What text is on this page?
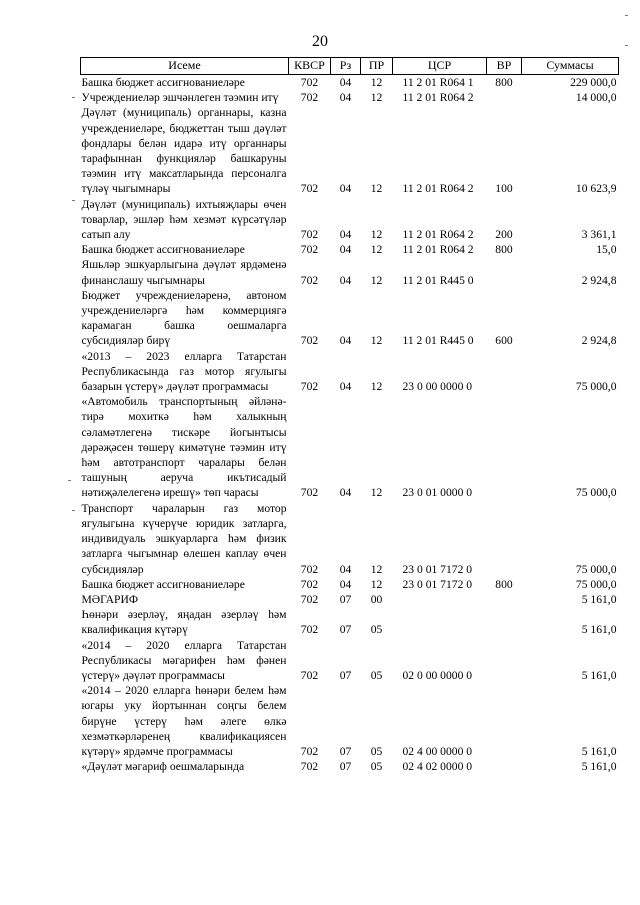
20
Исеме	КВСР	Рз	ПР	ЦСР	ВР	Суммасы
Башка бюджет ассигнованиеләре	702	04	12	11 2 01 R064 1	800	229 000,0
Учреждениеләр эшчәнлеген тәэмин итү	702	04	12	11 2 01 R064 2		14 000,0
Дәүләт (муниципаль) органнары, казна учреждениеләре, бюджеттан тыш дәүләт фондлары белән идарә итү органнары тарафыннан функцияләр башкаруны тәэмин итү максатларында персоналга түләү чыгымнары	702	04	12	11 2 01 R064 2	100	10 623,9
Дәүләт (муниципаль) ихтыяҗлары өчен товарлар, эшләр һәм хезмәт күрсәтүләр сатып алу	702	04	12	11 2 01 R064 2	200	3 361,1
Башка бюджет ассигнованиеләре	702	04	12	11 2 01 R064 2	800	15,0
Яшьләр эшкуарлыгына дәүләт ярдәменә финанслашу чыгымнары	702	04	12	11 2 01 R445 0		2 924,8
Бюджет учреждениеләренә, автоном учреждениеләргә һәм коммерциягә карамаган башка оешмаларга субсидияләр бирү	702	04	12	11 2 01 R445 0	600	2 924,8
«2013 – 2023 елларга Татарстан Республикасында газ мотор ягулыгы базарын үстерү» дәүләт программасы	702	04	12	23 0 00 0000 0		75 000,0
«Автомобиль транспортының әйләнә-тирә мохиткә һәм халыкның сәламәтлегенә тискәре йогынтысы дәрәҗәсен төшерү кимәтүне тәэмин итү һәм автотранспорт чаралары белән ташуның аеруча икътисадый нәтиҗәлелегенә ирешү» төп чарасы	702	04	12	23 0 01 0000 0		75 000,0
Транспорт чараларын газ мотор ягулыгына күчерүче юридик затларга, индивидуаль эшкуарларга һәм физик затларга чыгымнар өлешен каплау өчен субсидияләр	702	04	12	23 0 01 7172 0		75 000,0
Башка бюджет ассигнованиеләре	702	04	12	23 0 01 7172 0	800	75 000,0
МӘГАРИФ	702	07	00			5 161,0
Һөнәри әзерләү, яңадан әзерләү һәм квалификация күтәрү	702	07	05			5 161,0
«2014 – 2020 елларга Татарстан Республикасы мәгарифен һәм фәнен үстерү» дәүләт программасы	702	07	05	02 0 00 0000 0		5 161,0
«2014 – 2020 елларга һөнәри белем һәм югары уку йортыннан соңгы белем бирүне үстерү һәм әлеге өлкә хезмәткәрләренең квалификациясен күтәрү» ярдәмче программасы	702	07	05	02 4 00 0000 0		5 161,0
«Дәүләт мәгариф оешмаларында	702	07	05	02 4 02 0000 0		5 161,0
